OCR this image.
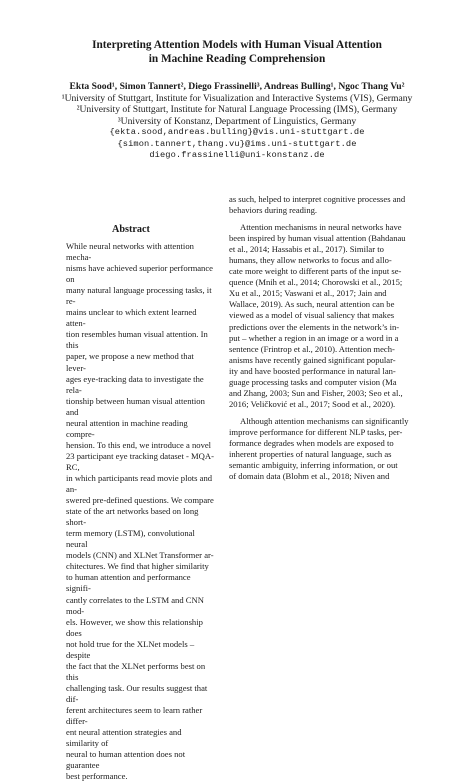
Interpreting Attention Models with Human Visual Attention
in Machine Reading Comprehension
Ekta Sood¹, Simon Tannert², Diego Frassinelli³, Andreas Bulling¹, Ngoc Thang Vu²
¹University of Stuttgart, Institute for Visualization and Interactive Systems (VIS), Germany
²University of Stuttgart, Institute for Natural Language Processing (IMS), Germany
³University of Konstanz, Department of Linguistics, Germany
{ekta.sood,andreas.bulling}@vis.uni-stuttgart.de
{simon.tannert,thang.vu}@ims.uni-stuttgart.de
diego.frassinelli@uni-konstanz.de
Abstract

While neural networks with attention mecha-

nisms have achieved superior performance on

many natural language processing tasks, it re-

mains unclear to which extent learned atten-

tion resembles human visual attention. In this

paper, we propose a new method that lever-

ages eye-tracking data to investigate the rela-

tionship between human visual attention and

neural attention in machine reading compre-

hension. To this end, we introduce a novel

23 participant eye tracking dataset - MQA-RC,

in which participants read movie plots and an-

swered pre-defined questions. We compare

state of the art networks based on long short-

term memory (LSTM), convolutional neural

models (CNN) and XLNet Transformer ar-

chitectures. We find that higher similarity

to human attention and performance signifi-

cantly correlates to the LSTM and CNN mod-

els. However, we show this relationship does

not hold true for the XLNet models – despite

the fact that the XLNet performs best on this

challenging task. Our results suggest that dif-

ferent architectures seem to learn rather differ-

ent neural attention strategies and similarity of

neural to human attention does not guarantee

best performance.

as such, helped to interpret cognitive processes and

behaviors during reading.

Attention mechanisms in neural networks have

been inspired by human visual attention (Bahdanau

et al., 2014; Hassabis et al., 2017). Similar to

humans, they allow networks to focus and allo-

cate more weight to different parts of the input se-

quence (Mnih et al., 2014; Chorowski et al., 2015;

Xu et al., 2015; Vaswani et al., 2017; Jain and

Wallace, 2019). As such, neural attention can be

viewed as a model of visual saliency that makes

predictions over the elements in the network’s in-

put – whether a region in an image or a word in a

sentence (Frintrop et al., 2010). Attention mech-

anisms have recently gained significant popular-

ity and have boosted performance in natural lan-

guage processing tasks and computer vision (Ma

and Zhang, 2003; Sun and Fisher, 2003; Seo et al.,

2016; Veličković et al., 2017; Sood et al., 2020).

Although attention mechanisms can significantly

improve performance for different NLP tasks, per-

formance degrades when models are exposed to

inherent properties of natural language, such as

semantic ambiguity, inferring information, or out

of domain data (Blohm et al., 2018; Niven and
